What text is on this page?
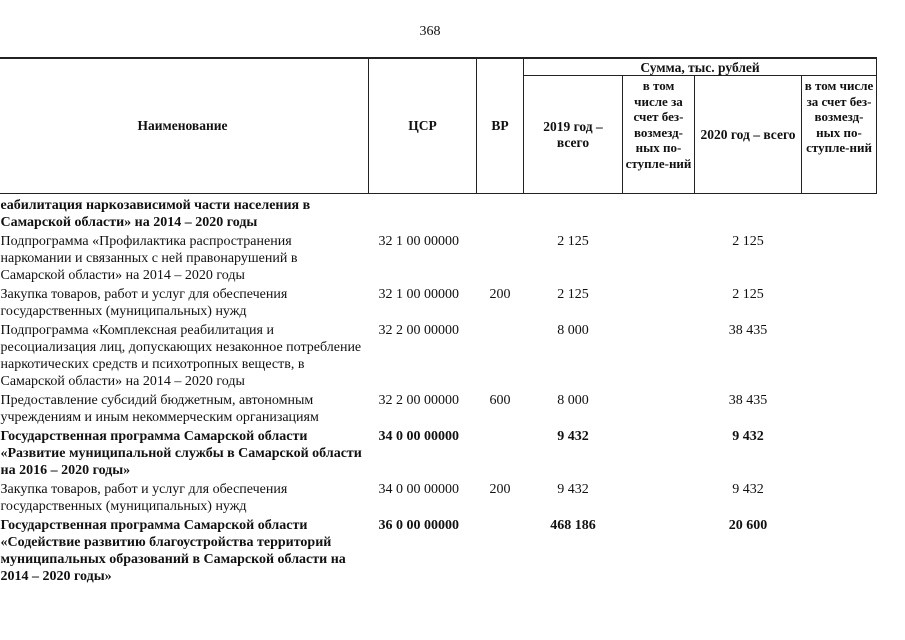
368
Наименование	ЦСР	ВР	Сумма, тыс. рублей			
			2019 год – всего	в том числе за счет без-возмезд-ных по-ступле-ний	2020 год – всего	в том числе за счет без-возмезд-ных по-ступле-ний
еабилитация наркозависимой части населения в Самарской области» на 2014 – 2020 годы						
Подпрограмма «Профилактика распространения наркомании и связанных с ней правонарушений в Самарской области» на 2014 – 2020 годы	32 1 00 00000		2 125		2 125	
Закупка товаров, работ и услуг для обеспечения государственных (муниципальных) нужд	32 1 00 00000	200	2 125		2 125	
Подпрограмма «Комплексная реабилитация и ресоциализация лиц, допускающих незаконное потребление наркотических средств и психотропных веществ, в Самарской области» на 2014 – 2020 годы	32 2 00 00000		8 000		38 435	
Предоставление субсидий бюджетным, автономным учреждениям и иным некоммерческим организациям	32 2 00 00000	600	8 000		38 435	
Государственная программа Самарской области «Развитие муниципальной службы в Самарской области на 2016 – 2020 годы»	34 0 00 00000		9 432		9 432	
Закупка товаров, работ и услуг для обеспечения государственных (муниципальных) нужд	34 0 00 00000	200	9 432		9 432	
Государственная программа Самарской области «Содействие развитию благоустройства территорий муниципальных образований в Самарской области на 2014 – 2020 годы»	36 0 00 00000		468 186		20 600	
